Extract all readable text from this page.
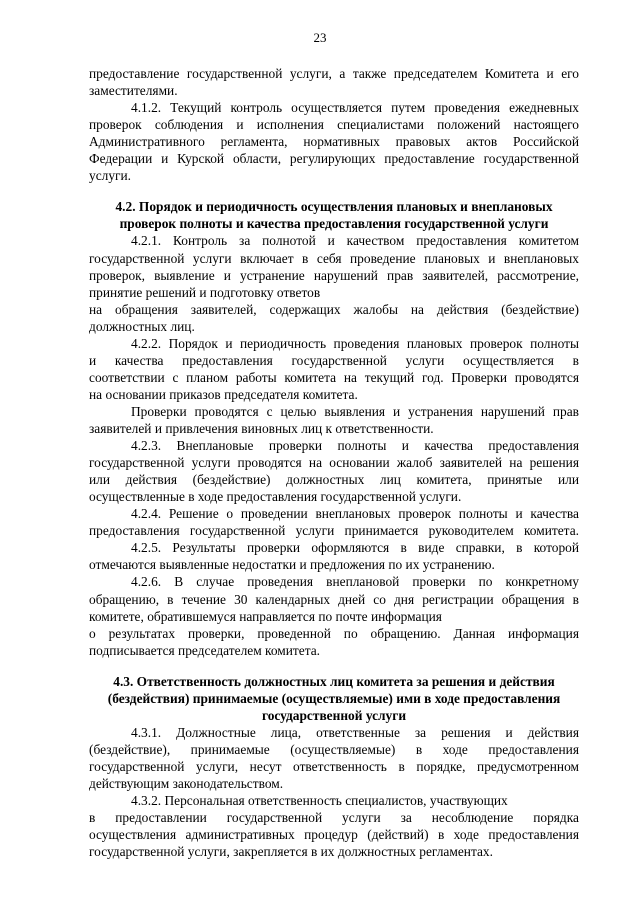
23
предоставление государственной услуги, а также председателем Комитета и его
заместителями.
4.1.2. Текущий контроль осуществляется путем проведения ежедневных
проверок соблюдения и исполнения специалистами положений настоящего
Административного регламента, нормативных правовых актов Российской
Федерации и Курской области, регулирующих предоставление государственной
услуги.
4.2. Порядок и периодичность осуществления плановых и внеплановых
проверок полноты и качества предоставления государственной услуги
4.2.1. Контроль за полнотой и качеством предоставления комитетом
государственной услуги включает в себя проведение плановых и внеплановых
проверок, выявление и устранение нарушений прав заявителей, рассмотрение,
принятие решений и подготовку ответов
на обращения заявителей, содержащих жалобы на действия (бездействие)
должностных лиц.
4.2.2. Порядок и периодичность проведения плановых проверок полноты
и качества предоставления государственной услуги осуществляется в
соответствии с планом работы комитета на текущий год. Проверки проводятся
на основании приказов председателя комитета.
Проверки проводятся с целью выявления и устранения нарушений прав
заявителей и привлечения виновных лиц к ответственности.
4.2.3. Внеплановые проверки полноты и качества предоставления
государственной услуги проводятся на основании жалоб заявителей на решения
или действия (бездействие) должностных лиц комитета, принятые или
осуществленные в ходе предоставления государственной услуги.
4.2.4. Решение о проведении внеплановых проверок полноты и качества
предоставления государственной услуги принимается руководителем комитета.
4.2.5. Результаты проверки оформляются в виде справки, в которой
отмечаются выявленные недостатки и предложения по их устранению.
4.2.6. В случае проведения внеплановой проверки по конкретному
обращению, в течение 30 календарных дней со дня регистрации обращения в
комитете, обратившемуся направляется по почте информация
о результатах проверки, проведенной по обращению. Данная информация
подписывается председателем комитета.
4.3. Ответственность должностных лиц комитета за решения и действия
(бездействия) принимаемые (осуществляемые) ими в ходе предоставления
государственной услуги
4.3.1. Должностные лица, ответственные за решения и действия
(бездействие), принимаемые (осуществляемые) в ходе предоставления
государственной услуги, несут ответственность в порядке, предусмотренном
действующим законодательством.
4.3.2. Персональная ответственность специалистов, участвующих
в предоставлении государственной услуги за несоблюдение порядка
осуществления административных процедур (действий) в ходе предоставления
государственной услуги, закрепляется в их должностных регламентах.
